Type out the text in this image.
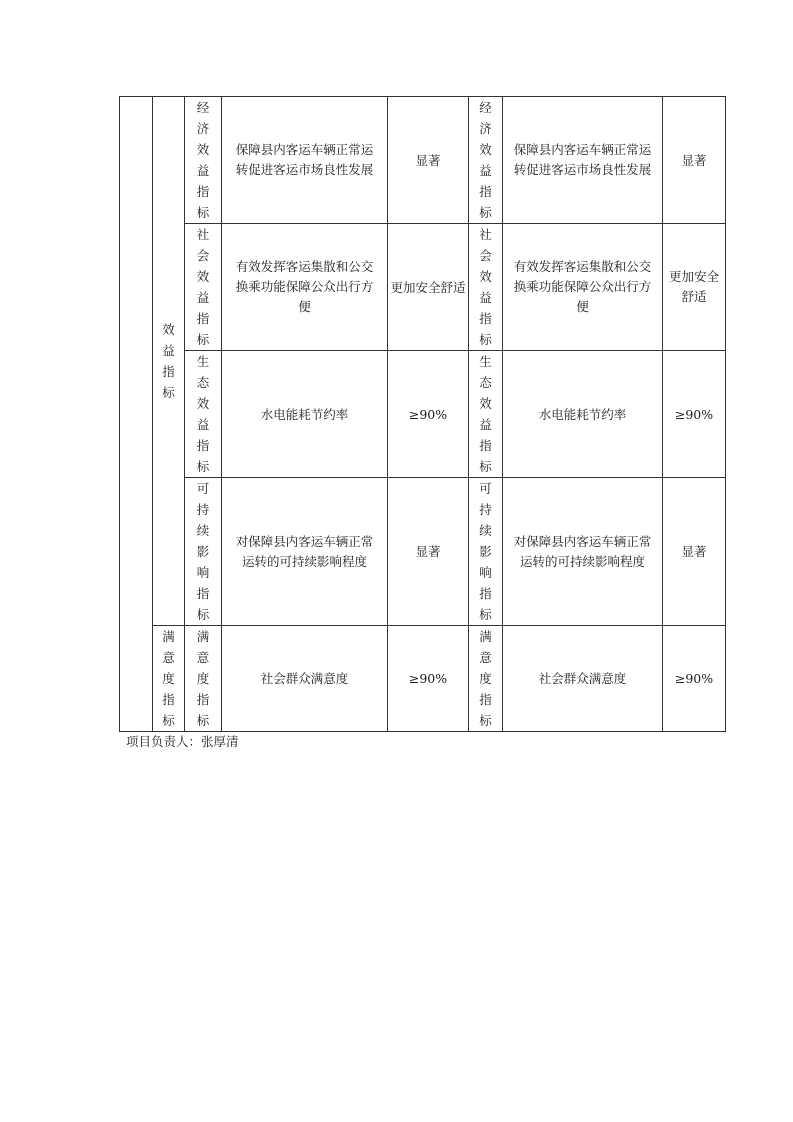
	效益指标	经济效益指标	保障县内客运车辆正常运转促进客运市场良性发展	显著	经济效益指标	保障县内客运车辆正常运转促进客运市场良性发展	显著
		社会效益指标	有效发挥客运集散和公交换乘功能保障公众出行方便	更加安全舒适	社会效益指标	有效发挥客运集散和公交换乘功能保障公众出行方便	更加安全舒适
		生态效益指标	水电能耗节约率	≥90%	生态效益指标	水电能耗节约率	≥90%
		可持续影响指标	对保障县内客运车辆正常运转的可持续影响程度	显著	可持续影响指标	对保障县内客运车辆正常运转的可持续影响程度	显著
	满意度指标	满意度指标	社会群众满意度	≥90%	满意度指标	社会群众满意度	≥90%
项目负责人：张厚清
